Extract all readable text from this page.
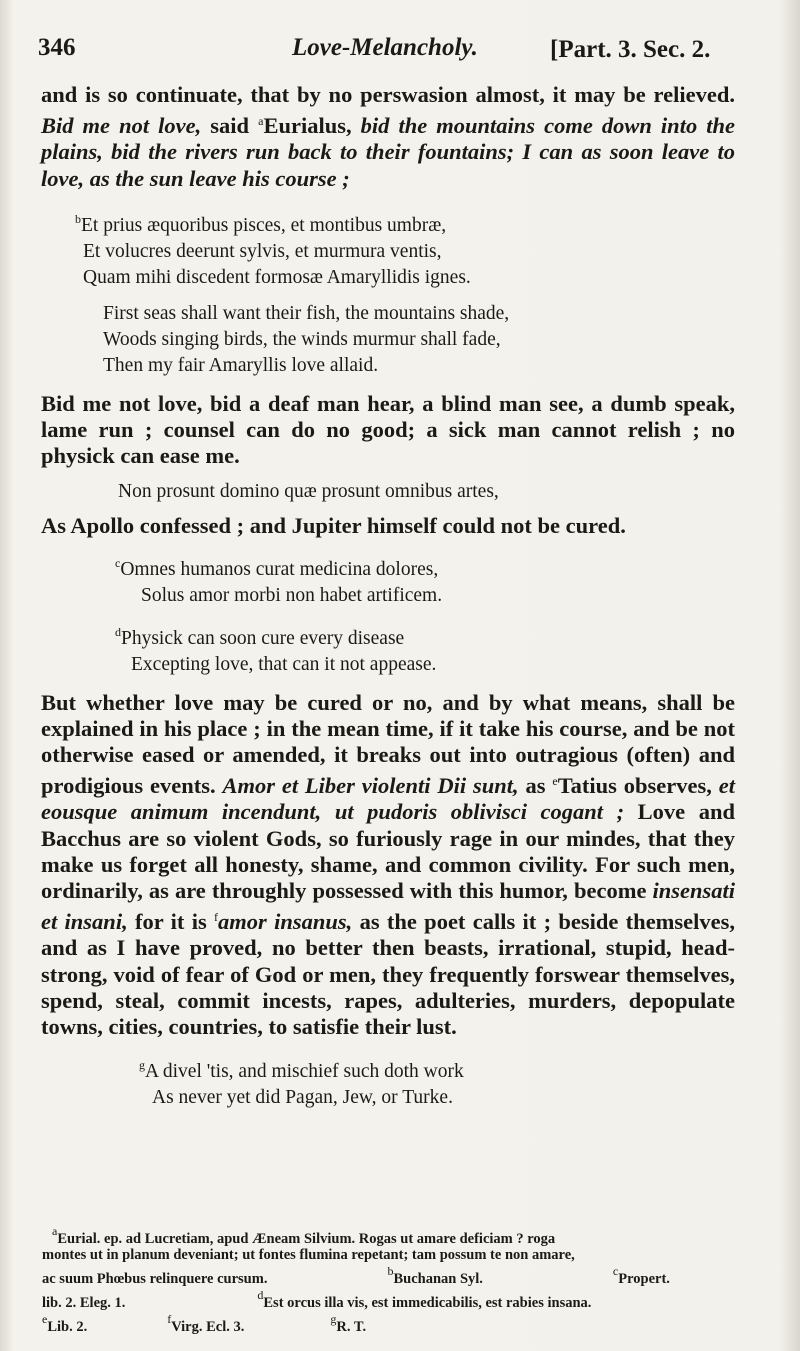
346	Love-Melancholy.	[Part. 3. Sec. 2.

and is so continuate, that by no perswasion almost, it may be relieved. Bid me not love, said $^a$Eurialus, bid the mountains come down into the plains, bid the rivers run back to their fountains; I can as soon leave to love, as the sun leave his course ;

$^b$Et prius æquoribus pisces, et montibus umbræ,
Et volucres deerunt sylvis, et murmura ventis,
Quam mihi discedent formosæ Amaryllidis ignes.
First seas shall want their fish, the mountains shade,
Woods singing birds, the winds murmur shall fade,
Then my fair Amaryllis love allaid.

Bid me not love, bid a deaf man hear, a blind man see, a dumb speak, lame run ; counsel can do no good; a sick man cannot relish ; no physick can ease me.

Non prosunt domino quæ prosunt omnibus artes,

As Apollo confessed ; and Jupiter himself could not be cured.

$^c$Omnes humanos curat medicina dolores,
Solus amor morbi non habet artificem.
$^d$Physick can soon cure every disease
Excepting love, that can it not appease.

But whether love may be cured or no, and by what means, shall be explained in his place ; in the mean time, if it take his course, and be not otherwise eased or amended, it breaks out into outragious (often) and prodigious events. Amor et Liber violenti Dii sunt, as $^e$Tatius observes, et eousque animum incendunt, ut pudoris oblivisci cogant ; Love and Bacchus are so violent Gods, so furiously rage in our mindes, that they make us forget all honesty, shame, and common civility. For such men, ordinarily, as are throughly possessed with this humor, become insensati et insani, for it is $^f$amor insanus, as the poet calls it ; beside themselves, and as I have proved, no better then beasts, irrational, stupid, head-strong, void of fear of God or men, they frequently forswear themselves, spend, steal, commit incests, rapes, adulteries, murders, depopulate towns, cities, countries, to satisfie their lust.

$^g$A divel 'tis, and mischief such doth work
As never yet did Pagan, Jew, or Turke.
$^a$Eurial. ep. ad Lucretiam, apud Æneam Silvium. Rogas ut amare deficiam ? roga
montes ut in planum deveniant; ut fontes flumina repetant; tam possum te non amare,
ac suum Phœbus relinquere cursum.	$^b$Buchanan Syl.	$^c$Propert.
lib. 2. Eleg. 1.	$^d$Est orcus illa vis, est immedicabilis, est rabies insana.
$^e$Lib. 2.	$^f$Virg. Ecl. 3.	$^g$R. T.
